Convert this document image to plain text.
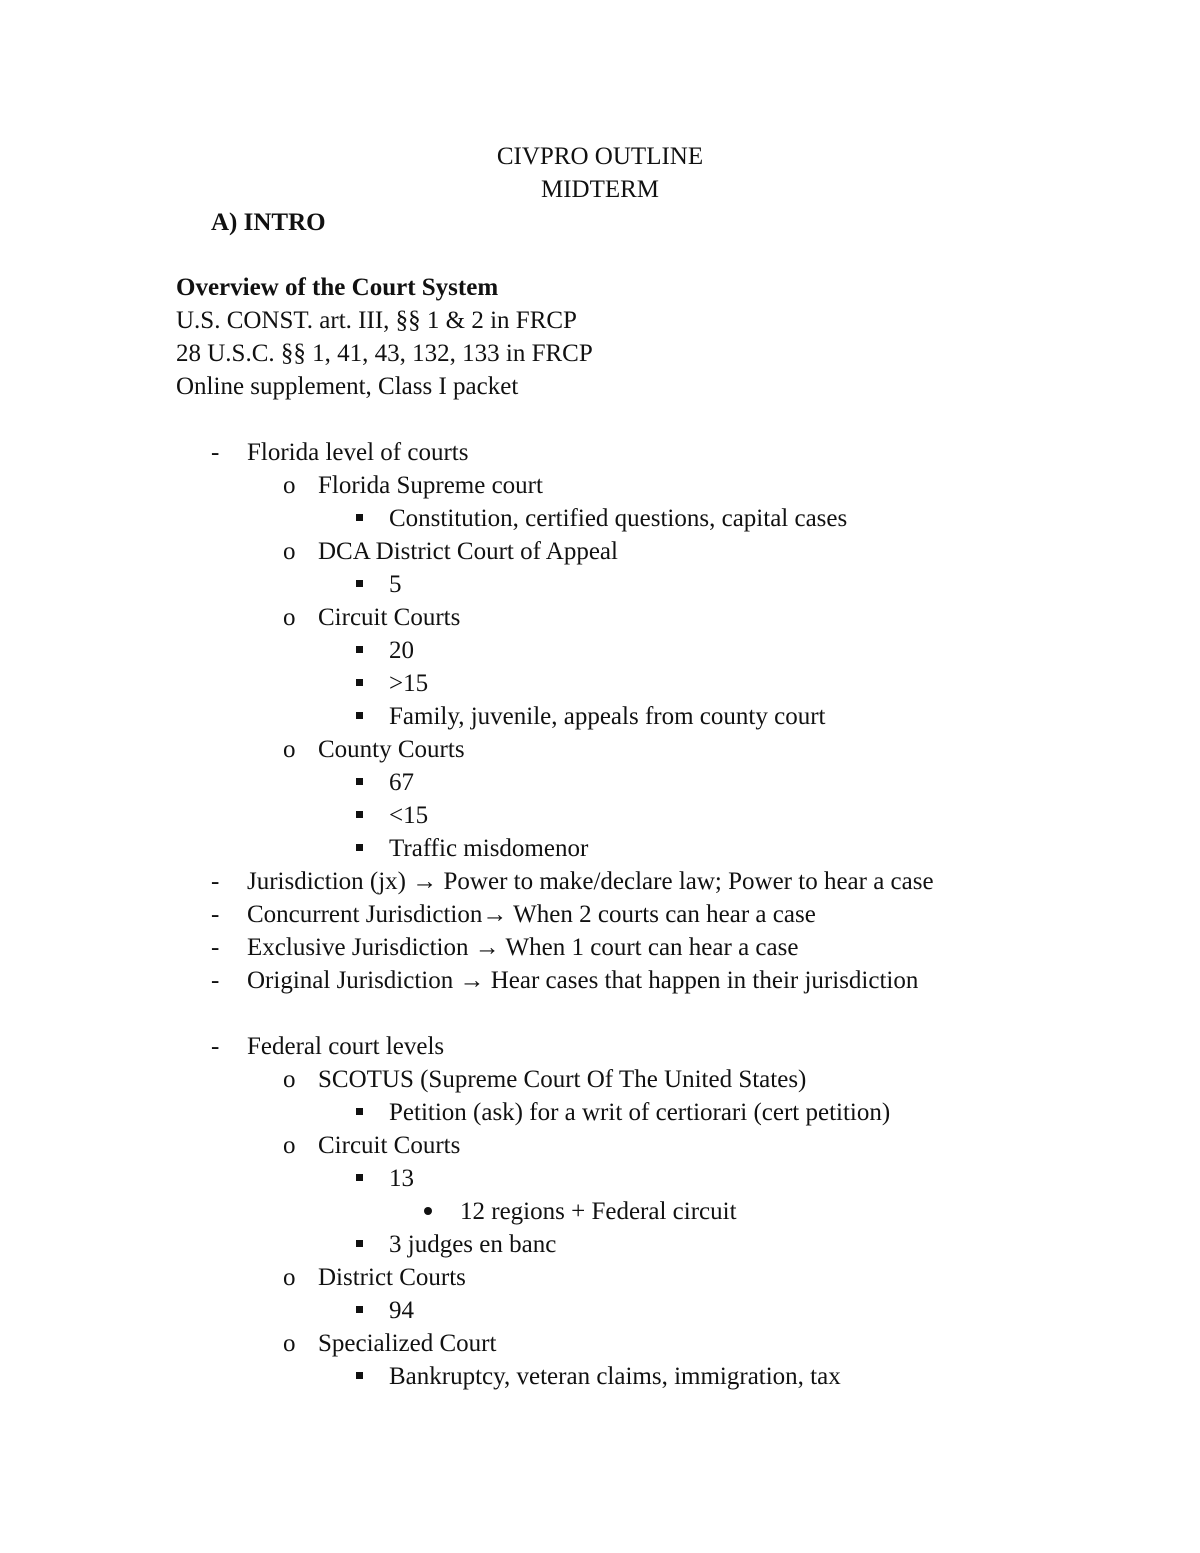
CIVPRO OUTLINE
MIDTERM
A) INTRO
Overview of the Court System
U.S. CONST. art. III, §§ 1 & 2 in FRCP
28 U.S.C. §§ 1, 41, 43, 132, 133 in FRCP
Online supplement, Class I packet
- Florida level of courts
o Florida Supreme court
Constitution, certified questions, capital cases
o DCA District Court of Appeal
5
o Circuit Courts
20
>15
Family, juvenile, appeals from county court
o County Courts
67
<15
Traffic misdomenor
- Jurisdiction (jx) → Power to make/declare law; Power to hear a case
- Concurrent Jurisdiction→ When 2 courts can hear a case
- Exclusive Jurisdiction → When 1 court can hear a case
- Original Jurisdiction → Hear cases that happen in their jurisdiction
- Federal court levels
o SCOTUS (Supreme Court Of The United States)
Petition (ask) for a writ of certiorari (cert petition)
o Circuit Courts
13
12 regions + Federal circuit
3 judges en banc
o District Courts
94
o Specialized Court
Bankruptcy, veteran claims, immigration, tax
